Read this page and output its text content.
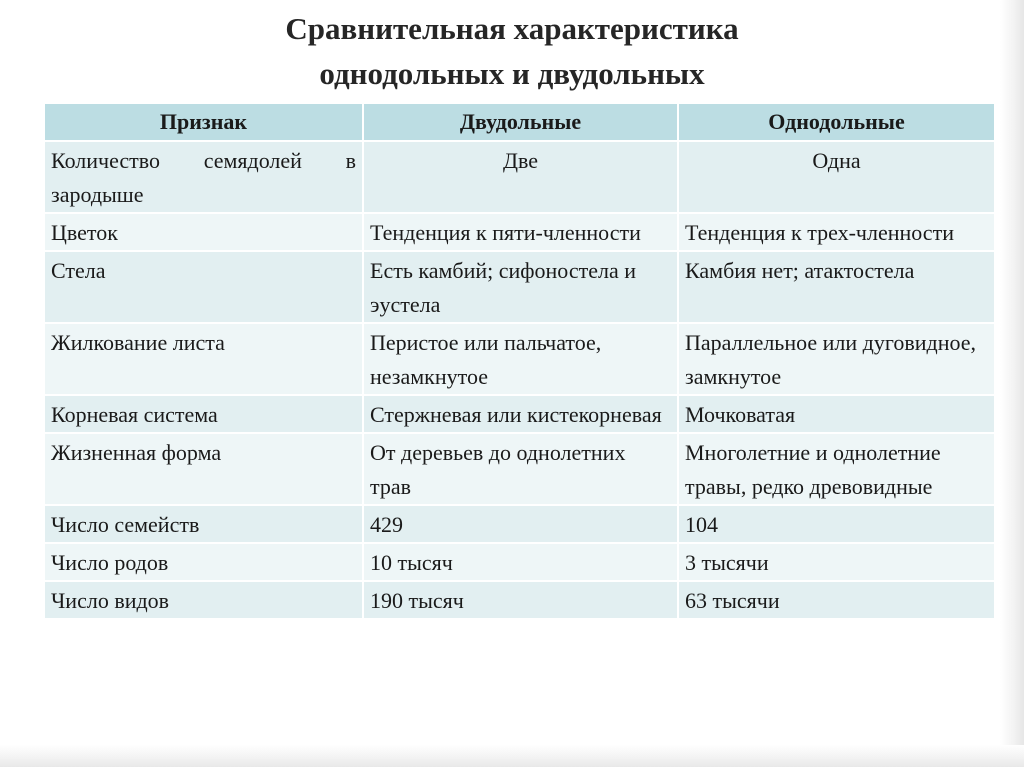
Сравнительная характеристика
однодольных и двудольных
Признак	Двудольные	Однодольные
Количество семядолей в зародыше	Две	Одна
Цветок	Тенденция к пяти-членности	Тенденция к трех-членности
Стела	Есть камбий; сифоностела и эустела	Камбия нет; атактостела
Жилкование листа	Перистое или пальчатое, незамкнутое	Параллельное или дуговидное, замкнутое
Корневая система	Стержневая или кистекорневая	Мочковатая
Жизненная форма	От деревьев до однолетних трав	Многолетние и однолетние травы, редко древовидные
Число семейств	429	104
Число родов	10 тысяч	3 тысячи
Число видов	190 тысяч	63 тысячи
